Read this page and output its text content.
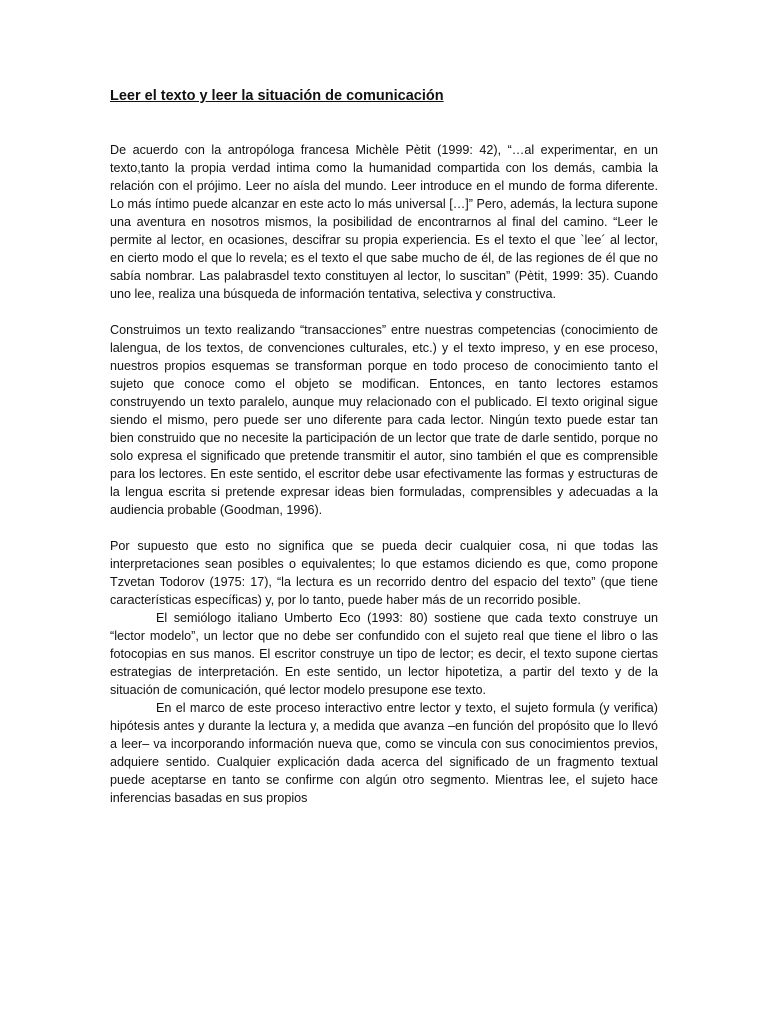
Leer el texto y leer la situación de comunicación

De acuerdo con la antropóloga francesa Michèle Pètit (1999: 42), “…al experimentar, en un texto,tanto la propia verdad intima como la humanidad compartida con los demás, cambia la relación con el prójimo. Leer no aísla del mundo. Leer introduce en el mundo de forma diferente. Lo más íntimo puede alcanzar en este acto lo más universal […]” Pero, además, la lectura supone una aventura en nosotros mismos, la posibilidad de encontrarnos al final del camino. “Leer le permite al lector, en ocasiones, descifrar su propia experiencia. Es el texto el que `lee´ al lector, en cierto modo el que lo revela; es el texto el que sabe mucho de él, de las regiones de él que no sabía nombrar. Las palabrasdel texto constituyen al lector, lo suscitan” (Pètit, 1999: 35). Cuando uno lee, realiza una búsqueda de información tentativa, selectiva y constructiva.

Construimos un texto realizando “transacciones” entre nuestras competencias (conocimiento de lalengua, de los textos, de convenciones culturales, etc.) y el texto impreso, y en ese proceso, nuestros propios esquemas se transforman porque en todo proceso de conocimiento tanto el sujeto que conoce como el objeto se modifican. Entonces, en tanto lectores estamos construyendo un texto paralelo, aunque muy relacionado con el publicado. El texto original sigue siendo el mismo, pero puede ser uno diferente para cada lector. Ningún texto puede estar tan bien construido que no necesite la participación de un lector que trate de darle sentido, porque no solo expresa el significado que pretende transmitir el autor, sino también el que es comprensible para los lectores. En este sentido, el escritor debe usar efectivamente las formas y estructuras de la lengua escrita si pretende expresar ideas bien formuladas, comprensibles y adecuadas a la audiencia probable (Goodman, 1996).

Por supuesto que esto no significa que se pueda decir cualquier cosa, ni que todas las interpretaciones sean posibles o equivalentes; lo que estamos diciendo es que, como propone Tzvetan Todorov (1975: 17), “la lectura es un recorrido dentro del espacio del texto” (que tiene características específicas) y, por lo tanto, puede haber más de un recorrido posible.

El semiólogo italiano Umberto Eco (1993: 80) sostiene que cada texto construye un “lector modelo”, un lector que no debe ser confundido con el sujeto real que tiene el libro o las fotocopias en sus manos. El escritor construye un tipo de lector; es decir, el texto supone ciertas estrategias de interpretación. En este sentido, un lector hipotetiza, a partir del texto y de la situación de comunicación, qué lector modelo presupone ese texto.

En el marco de este proceso interactivo entre lector y texto, el sujeto formula (y verifica) hipótesis antes y durante la lectura y, a medida que avanza –en función del propósito que lo llevó a leer– va incorporando información nueva que, como se vincula con sus conocimientos previos, adquiere sentido. Cualquier explicación dada acerca del significado de un fragmento textual puede aceptarse en tanto se confirme con algún otro segmento. Mientras lee, el sujeto hace inferencias basadas en sus propios
